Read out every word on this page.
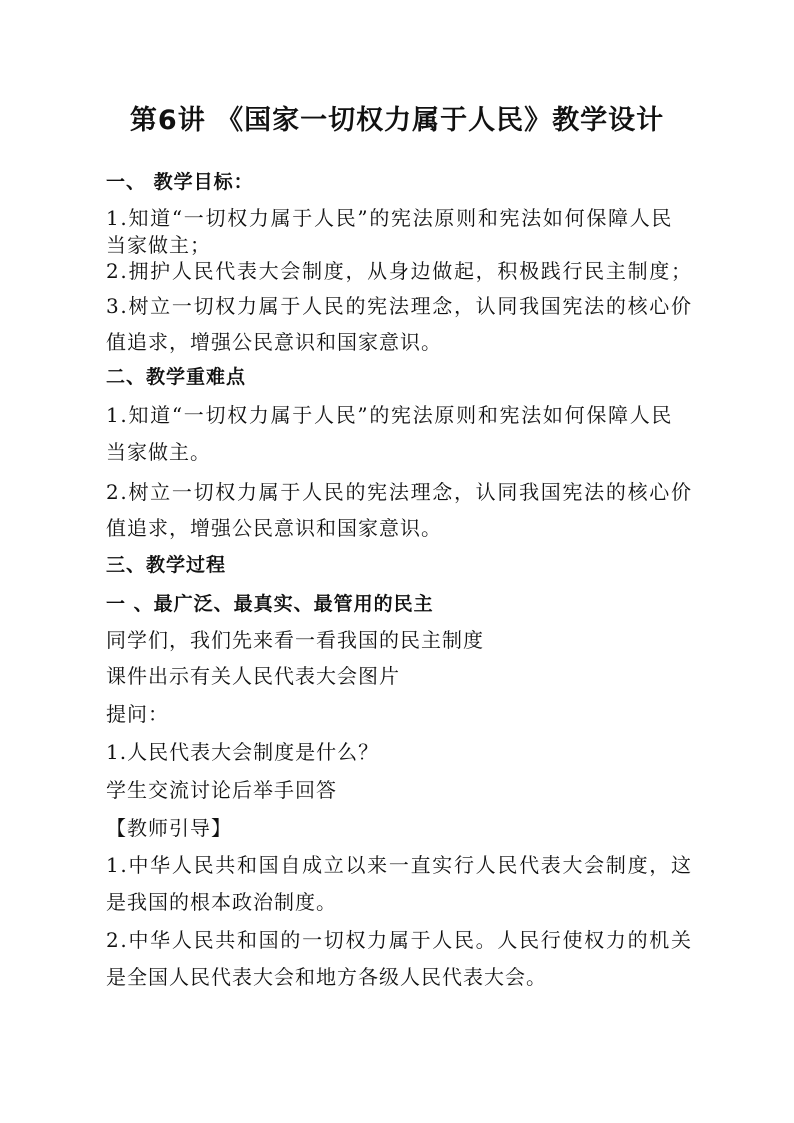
第6讲 《国家一切权力属于人民》教学设计

一、 教学目标：

1.知道“一切权力属于人民”的宪法原则和宪法如何保障人民

当家做主；

2.拥护人民代表大会制度，从身边做起，积极践行民主制度；

3.树立一切权力属于人民的宪法理念，认同我国宪法的核心价

值追求，增强公民意识和国家意识。

二、教学重难点

1.知道“一切权力属于人民”的宪法原则和宪法如何保障人民

当家做主。

2.树立一切权力属于人民的宪法理念，认同我国宪法的核心价

值追求，增强公民意识和国家意识。

三、教学过程

一 、最广泛、最真实、最管用的民主

同学们，我们先来看一看我国的民主制度

课件出示有关人民代表大会图片

提问：

1.人民代表大会制度是什么？

学生交流讨论后举手回答

【教师引导】

1.中华人民共和国自成立以来一直实行人民代表大会制度，这

是我国的根本政治制度。

2.中华人民共和国的一切权力属于人民。人民行使权力的机关

是全国人民代表大会和地方各级人民代表大会。
